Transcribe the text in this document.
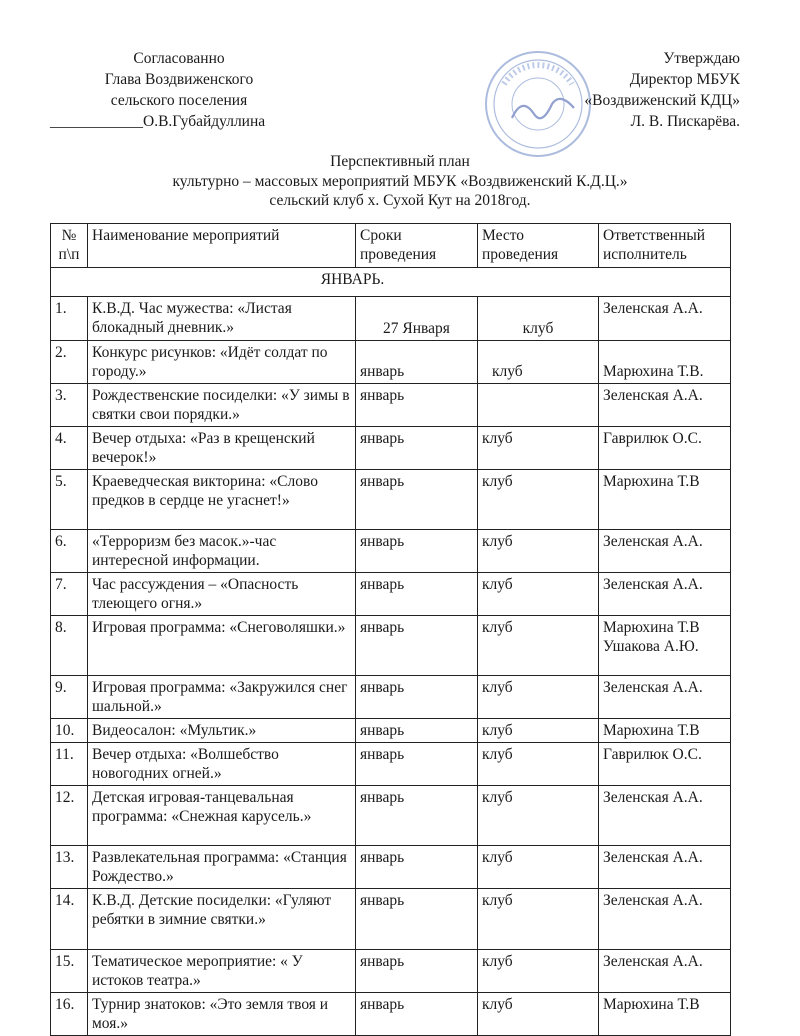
Согласованно
Глава Воздвиженского
сельского поселения
____________О.В.Губайдуллина
Утверждаю
Директор МБУК
«Воздвиженский КДЦ»
Л. В. Пискарёва.
Перспективный план
культурно – массовых мероприятий МБУК «Воздвиженский К.Д.Ц.»
сельский клуб х. Сухой Кут на 2018год.
№ п\п	Наименование мероприятий	Сроки проведения	Место проведения	Ответственный исполнитель
ЯНВАРЬ.				
1.	К.В.Д. Час мужества: «Листая блокадный дневник.»	27 Января	клуб	Зеленская А.А.
2.	Конкурс рисунков: «Идёт солдат по городу.»	январь	клуб	Марюхина Т.В.
3.	Рождественские посиделки: «У зимы в святки свои порядки.»	январь		Зеленская А.А.
4.	Вечер отдыха: «Раз в крещенский вечерок!»	январь	клуб	Гаврилюк О.С.
5.	Краеведческая викторина: «Слово предков в сердце не угаснет!»	январь	клуб	Марюхина Т.В
6.	«Терроризм без масок.»-час интересной информации.	январь	клуб	Зеленская А.А.
7.	Час рассуждения – «Опасность тлеющего огня.»	январь	клуб	Зеленская А.А.
8.	Игровая программа: «Снеговоляшки.»	январь	клуб	Марюхина Т.В Ушакова А.Ю.
9.	Игровая программа: «Закружился снег шальной.»	январь	клуб	Зеленская А.А.
10.	Видеосалон: «Мультик.»	январь	клуб	Марюхина Т.В
11.	Вечер отдыха: «Волшебство новогодних огней.»	январь	клуб	Гаврилюк О.С.
12.	Детская игровая-танцевальная программа: «Снежная карусель.»	январь	клуб	Зеленская А.А.
13.	Развлекательная программа: «Станция Рождество.»	январь	клуб	Зеленская А.А.
14.	К.В.Д. Детские посиделки: «Гуляют ребятки в зимние святки.»	январь	клуб	Зеленская А.А.
15.	Тематическое мероприятие: « У истоков театра.»	январь	клуб	Зеленская А.А.
16.	Турнир знатоков: «Это земля твоя и моя.»	январь	клуб	Марюхина Т.В
